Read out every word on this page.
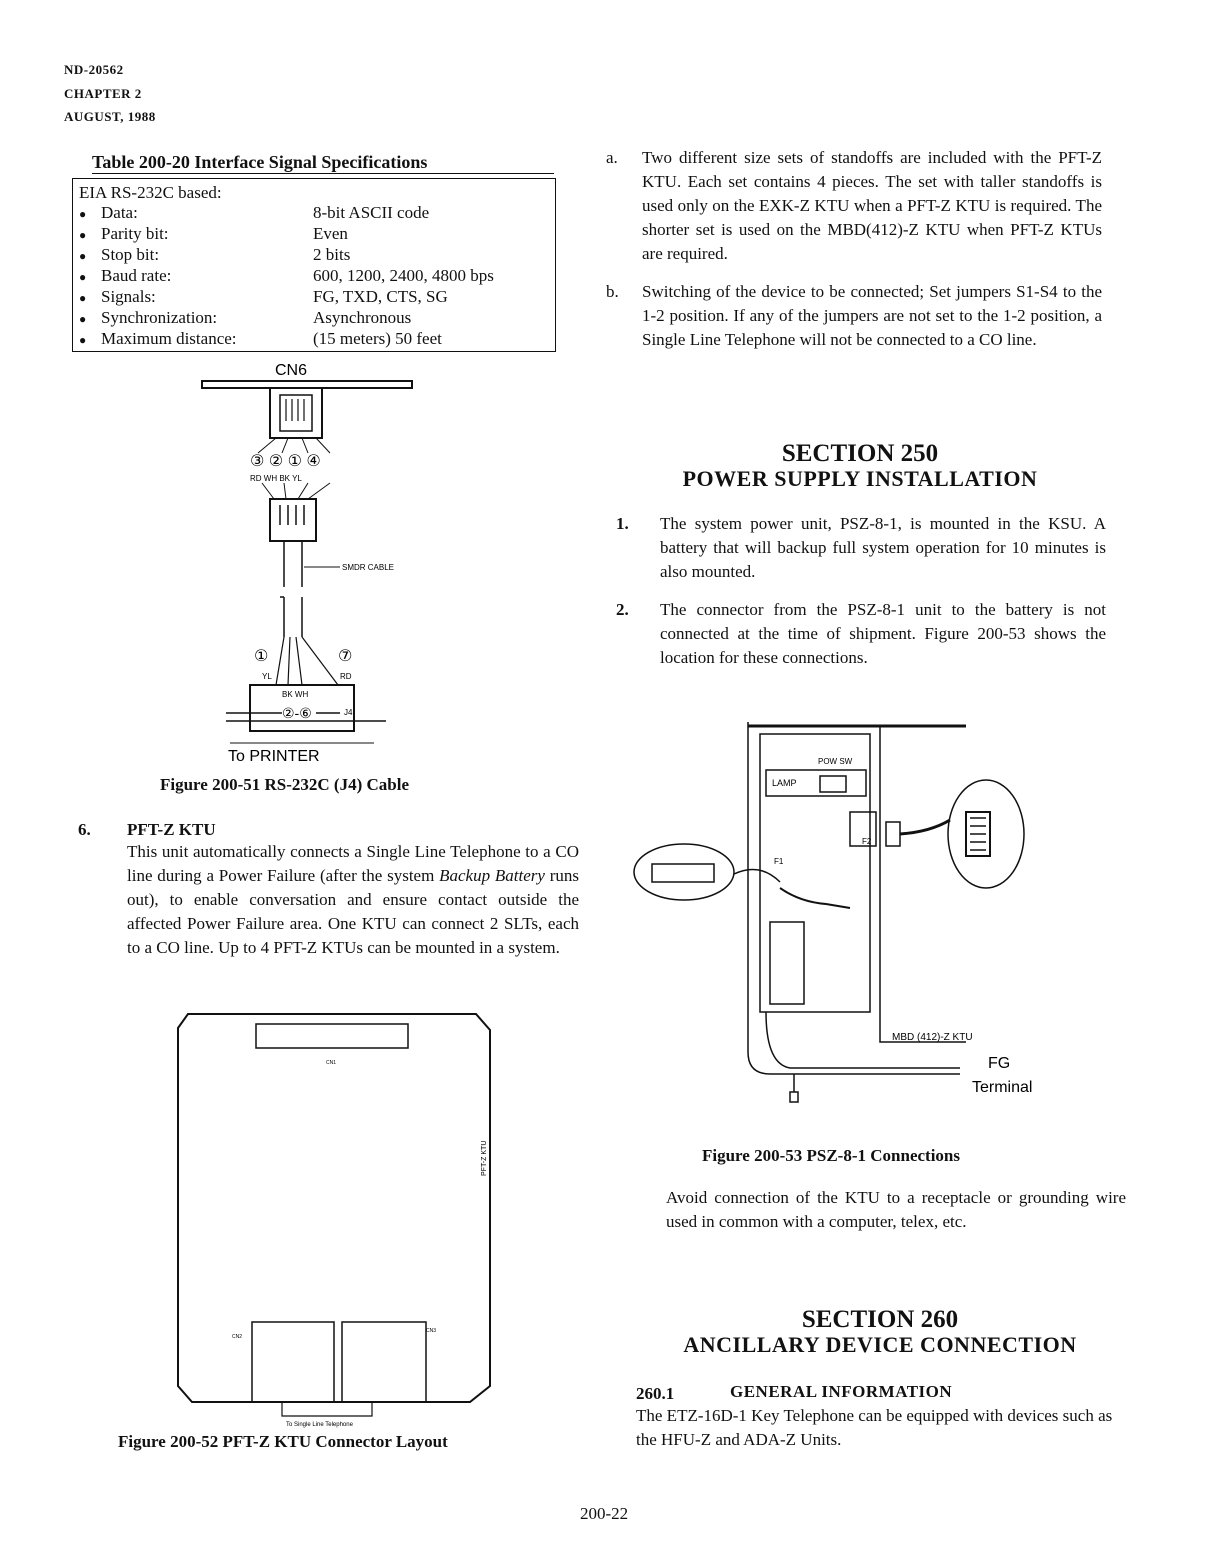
ND-20562
CHAPTER 2
AUGUST, 1988
Table 200-20 Interface Signal Specifications
EIA RS-232C based:
● Data:	8-bit ASCII code
● Parity bit:	Even
● Stop bit:	2 bits
● Baud rate:	600, 1200, 2400, 4800 bps
● Signals:	FG, TXD, CTS, SG
● Synchronization:	Asynchronous
● Maximum distance:	(15 meters) 50 feet
CN6
③ ② ① ④
RD WH BK YL
SMDR CABLE
①	⑦
YL	RD
BK WH
②-⑥	J4
To PRINTER
Figure 200-51 RS-232C (J4) Cable
6. PFT-Z KTU
This unit automatically connects a Single Line Telephone to a CO line during a Power Failure (after the system Backup Battery runs out), to enable conversation and ensure contact outside the affected Power Failure area. One KTU can connect 2 SLTs, each to a CO line. Up to 4 PFT-Z KTUs can be mounted in a system.
CN1
PFT-Z KTU
CN2
CN3
To Single Line Telephone
Figure 200-52 PFT-Z KTU Connector Layout
a.	Two different size sets of standoffs are included with the PFT-Z KTU. Each set contains 4 pieces. The set with taller standoffs is used only on the EXK-Z KTU when a PFT-Z KTU is required. The shorter set is used on the MBD(412)-Z KTU when PFT-Z KTUs are required.
b.	Switching of the device to be connected; Set jumpers S1-S4 to the 1-2 position. If any of the jumpers are not set to the 1-2 position, a Single Line Telephone will not be connected to a CO line.
SECTION 250
POWER SUPPLY INSTALLATION
1.	The system power unit, PSZ-8-1, is mounted in the KSU. A battery that will backup full system operation for 10 minutes is also mounted.
2.	The connector from the PSZ-8-1 unit to the battery is not connected at the time of shipment. Figure 200-53 shows the location for these connections.
POW SW
LAMP
F1
F2
MBD (412)-Z KTU
FG
Terminal
Figure 200-53 PSZ-8-1 Connections
Avoid connection of the KTU to a receptacle or grounding wire used in common with a computer, telex, etc.
SECTION 260
ANCILLARY DEVICE CONNECTION
260.1	GENERAL INFORMATION
The ETZ-16D-1 Key Telephone can be equipped with devices such as the HFU-Z and ADA-Z Units.
200-22
